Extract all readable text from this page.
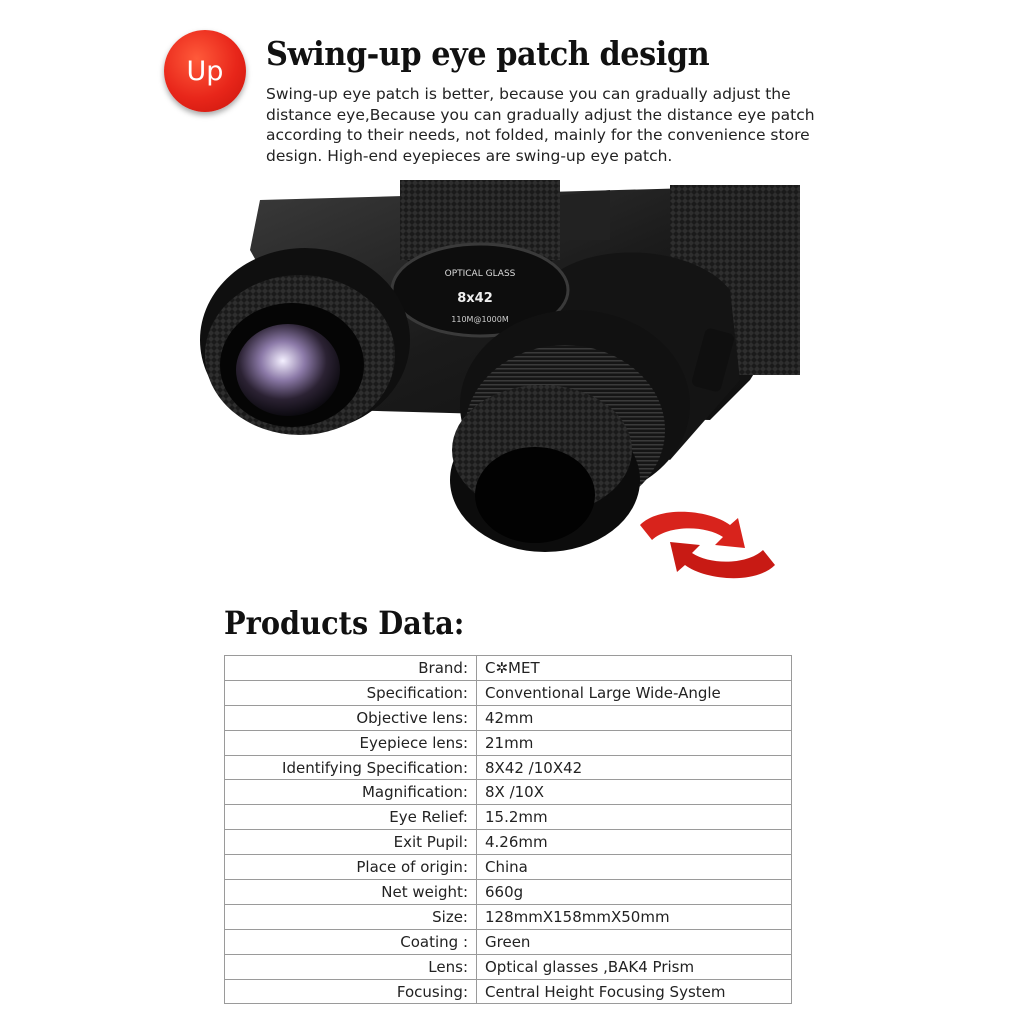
Up Swing-up eye patch design
Swing-up eye patch is better, because you can gradually adjust the distance eye,Because you can gradually adjust the distance eye patch according to their needs, not folded, mainly for the convenience store design. High-end eyepieces are swing-up eye patch.
OPTICAL GLASS
8x42
110M@1000M
Products Data:
Brand:	C✲MET
Specification:	Conventional Large Wide-Angle
Objective lens:	42mm
Eyepiece lens:	21mm
Identifying Specification:	8X42 /10X42
Magnification:	8X /10X
Eye Relief:	15.2mm
Exit Pupil:	4.26mm
Place of origin:	China
Net weight:	660g
Size:	128mmX158mmX50mm
Coating :	Green
Lens:	Optical glasses ,BAK4 Prism
Focusing:	Central Height Focusing System
